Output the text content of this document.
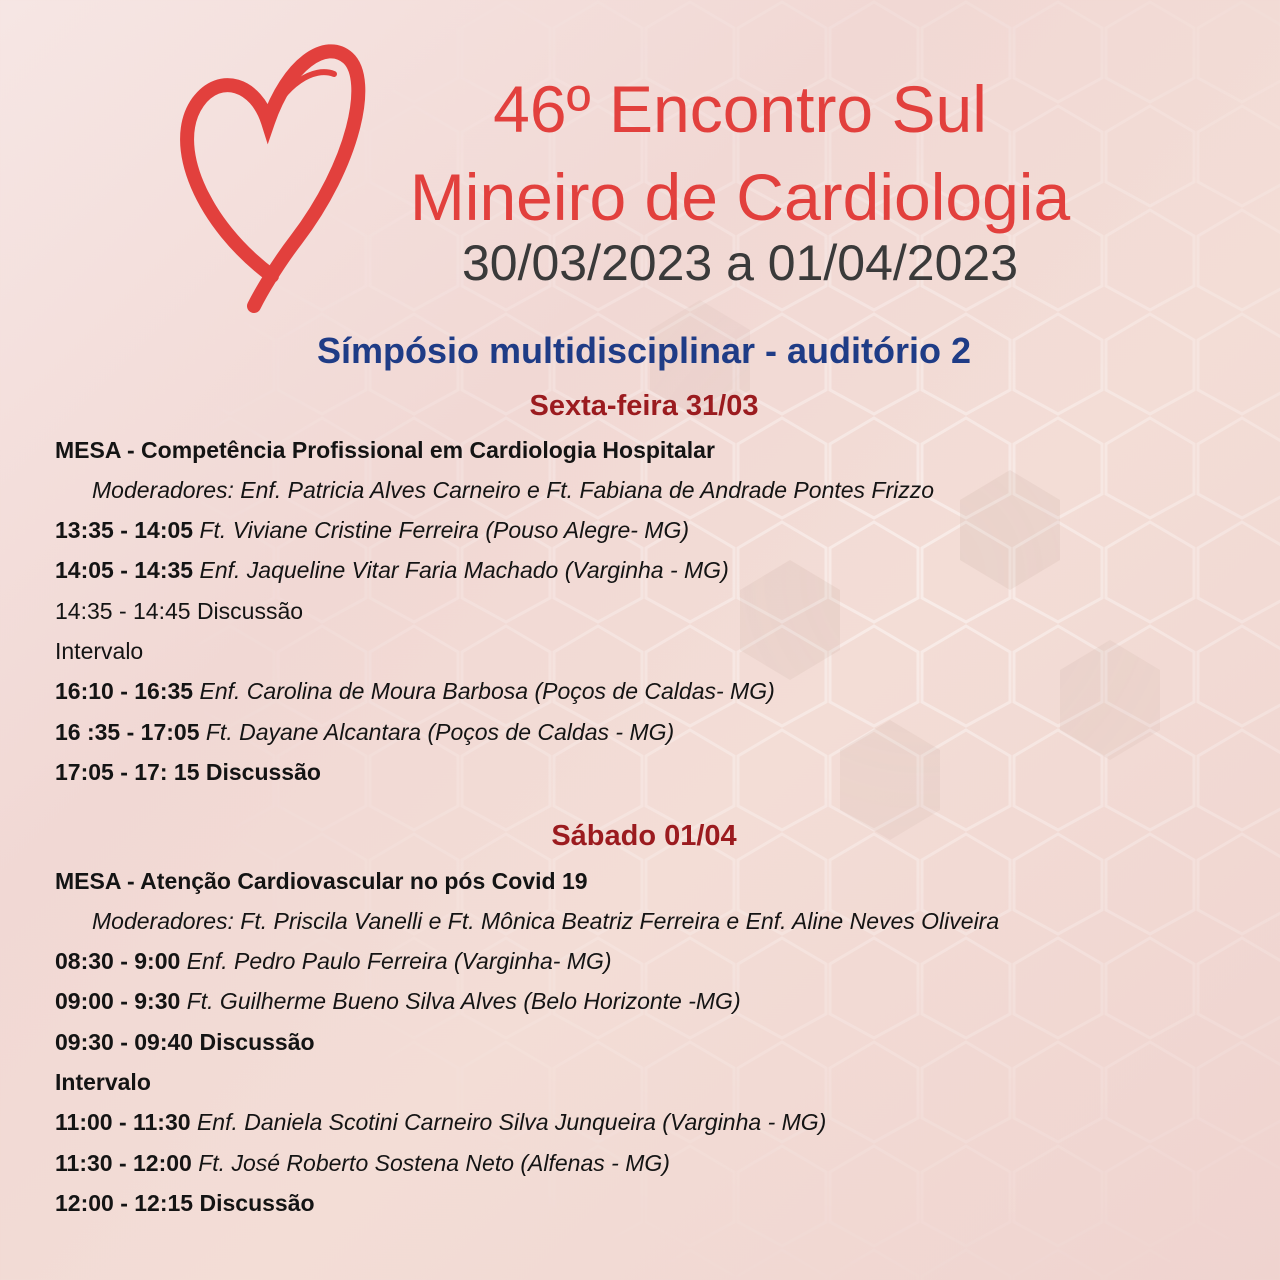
46º Encontro Sul
Mineiro de Cardiologia
30/03/2023 a 01/04/2023
Símpósio multidisciplinar - auditório 2
Sexta-feira 31/03
MESA - Competência Profissional em Cardiologia Hospitalar
Moderadores: Enf. Patricia Alves Carneiro e Ft. Fabiana de Andrade Pontes Frizzo
13:35 - 14:05 Ft. Viviane Cristine Ferreira (Pouso Alegre- MG)
14:05 - 14:35 Enf. Jaqueline Vitar Faria Machado (Varginha - MG)
14:35 - 14:45 Discussão
Intervalo
16:10 - 16:35 Enf. Carolina de Moura Barbosa (Poços de Caldas- MG)
16 :35 - 17:05 Ft. Dayane Alcantara (Poços de Caldas - MG)
17:05 - 17: 15 Discussão
Sábado 01/04
MESA - Atenção Cardiovascular no pós Covid 19
Moderadores: Ft. Priscila Vanelli e Ft. Mônica Beatriz Ferreira e Enf. Aline Neves Oliveira
08:30 - 9:00 Enf. Pedro Paulo Ferreira (Varginha- MG)
09:00 - 9:30 Ft. Guilherme Bueno Silva Alves (Belo Horizonte -MG)
09:30 - 09:40 Discussão
Intervalo
11:00 - 11:30 Enf. Daniela Scotini Carneiro Silva Junqueira (Varginha - MG)
11:30 - 12:00 Ft. José Roberto Sostena Neto (Alfenas - MG)
12:00 - 12:15 Discussão
